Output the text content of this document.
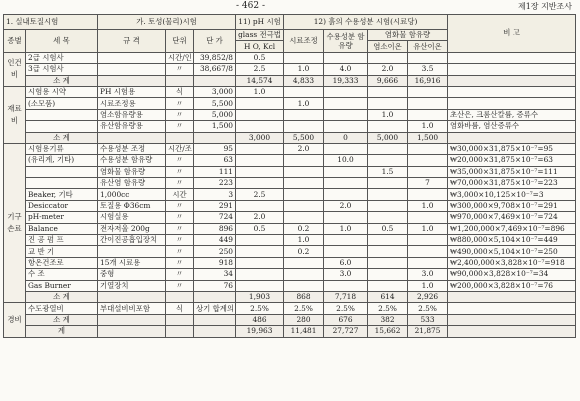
- 462 -	제1장 지반조사
1. 실내토질시험		가. 토성(물리)시험			11) pH 시험	12) 흙의 수용성분 시험(시료당)				비 고
종별	세 목	규 격	단위	단 가	glass 전극법	시료조정	수용성분 함유량	염화물 함유량		
					H O, Kcl			염소이온	유산이온	
인건비	2급 시험사		시간/인	39,852/8	0.5					
	3급 시험사		〃	38,667/8	2.5	1.0	4.0	2.0	3.5	
	소 계				14,574	4,833	19,333	9,666	16,916	
재료비	시험용 시약	PH 시험용	식	3,000	1.0					
	(소모품)	시료조정용	〃	5,500		1.0				
		염소함유량용	〃	5,000				1.0		초산은, 크롬산칼륨, 증류수
		유산함유량용	〃	1,500					1.0	염화바륨, 염산증류수
	소 계				3,000	5,500	0	5,000	1,500	
기구손료	시험용기류	수용성분 조정	시간/조	95		2.0				₩30,000×31,875×10⁻⁷=95
	(유리계, 기타)	수용성분 함유량	〃	63			10.0			₩20,000×31,875×10⁻⁷=63
		염화물 함유량	〃	111				1.5		₩35,000×31,875×10⁻⁷=111
		유산염 함유량	〃	223					7	₩70,000×31,875×10⁻⁷=223
	Beaker, 기타	1,000cc	시간	3	2.5					₩3,000×10,125×10⁻⁷=3
	Desiccator	토질용 Φ36cm	〃	291			2.0		1.0	₩300,000×9,708×10⁻⁷=291
	pH-meter	시험실용	〃	724	2.0					₩970,000×7,469×10⁻⁷=724
	Balance	전자저울 200g	〃	896	0.5	0.2	1.0	0.5	1.0	₩1,200,000×7,469×10⁻⁷=896
	진 공 펌 프	간이진공흡입장치	〃	449		1.0				₩880,000×5,104×10⁻⁷=449
	교 반 기		〃	250		0.2				₩490,000×5,104×10⁻⁷=250
	항온건조로	15개 시료용	〃	918			6.0			₩2,400,000×3,828×10⁻⁷=918
	수 조	중형	〃	34			3.0		3.0	₩90,000×3,828×10⁻⁷=34
	Gas Burner	기열장치	〃	76					1.0	₩200,000×3,828×10⁻⁷=76
	소 계				1,903	868	7,718	614	2,926	
경비	수도광열비	부대설비비포함	식	상기 합계의	2.5%	2.5%	2.5%	2.5%	2.5%	
	소 계				486	280	676	382	533	
	계				19,963	11,481	27,727	15,662	21,875	
